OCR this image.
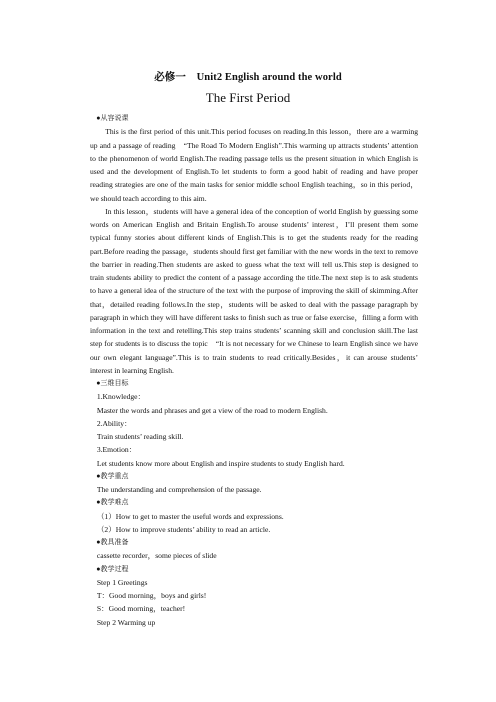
必修一　Unit2 English around the world
The First Period

●从容说课

This is the first period of this unit.This period focuses on reading.In this lesson，there are a warming up and a passage of reading　“The Road To Modern English”.This warming up attracts students’ attention to the phenomenon of world English.The reading passage tells us the present situation in which English is used and the development of English.To let students to form a good habit of reading and have proper reading strategies are one of the main tasks for senior middle school English teaching，so in this period，we should teach according to this aim.

In this lesson，students will have a general idea of the conception of world English by guessing some words on American English and Britain English.To arouse students’ interest，I’ll present them some typical funny stories about different kinds of English.This is to get the students ready for the reading part.Before reading the passage，students should first get familiar with the new words in the text to remove the barrier in reading.Then students are asked to guess what the text will tell us.This step is designed to train students ability to predict the content of a passage according the title.The next step is to ask students to have a general idea of the structure of the text with the purpose of improving the skill of skimming.After that，detailed reading follows.In the step，students will be asked to deal with the passage paragraph by paragraph in which they will have different tasks to finish such as true or false exercise，filling a form with information in the text and retelling.This step trains students’ scanning skill and conclusion skill.The last step for students is to discuss the topic　“It is not necessary for we Chinese to learn English since we have our own elegant language”.This is to train students to read critically.Besides，it can arouse students’ interest in learning English.

●三维目标

1.Knowledge：

Master the words and phrases and get a view of the road to modern English.

2.Ability：

Train students’ reading skill.

3.Emotion：

Let students know more about English and inspire students to study English hard.

●教学重点

The understanding and comprehension of the passage.

●教学难点

（1）How to get to master the useful words and expressions.

（2）How to improve students’ ability to read an article.

●教具准备

cassette recorder，some pieces of slide

●教学过程

Step 1 Greetings

T：Good morning，boys and girls!

S：Good morning，teacher!

Step 2 Warming up
